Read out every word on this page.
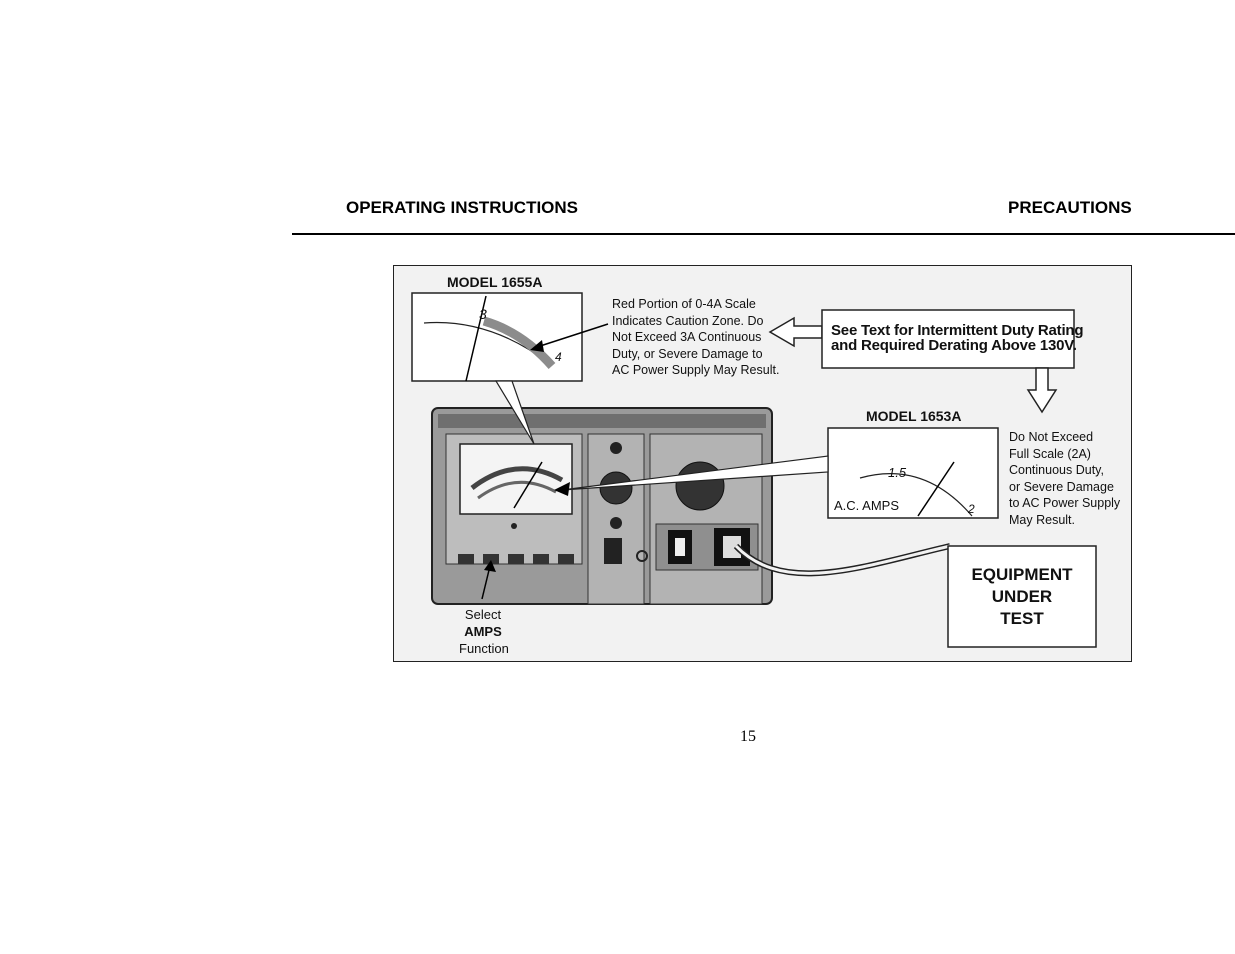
OPERATING INSTRUCTIONS	PRECAUTIONS
MODEL 1655A
3
4
Red Portion of 0-4A Scale
Indicates Caution Zone. Do
Not Exceed 3A Continuous
Duty, or Severe Damage to
AC Power Supply May Result.
See Text for Intermittent Duty Rating
and Required Derating Above 130V.
MODEL 1653A
1.5
2
A.C. AMPS
Do Not Exceed
Full Scale (2A)
Continuous Duty,
or Severe Damage
to AC Power Supply
May Result.
Select
AMPS
Function
EQUIPMENT
UNDER
TEST
15
